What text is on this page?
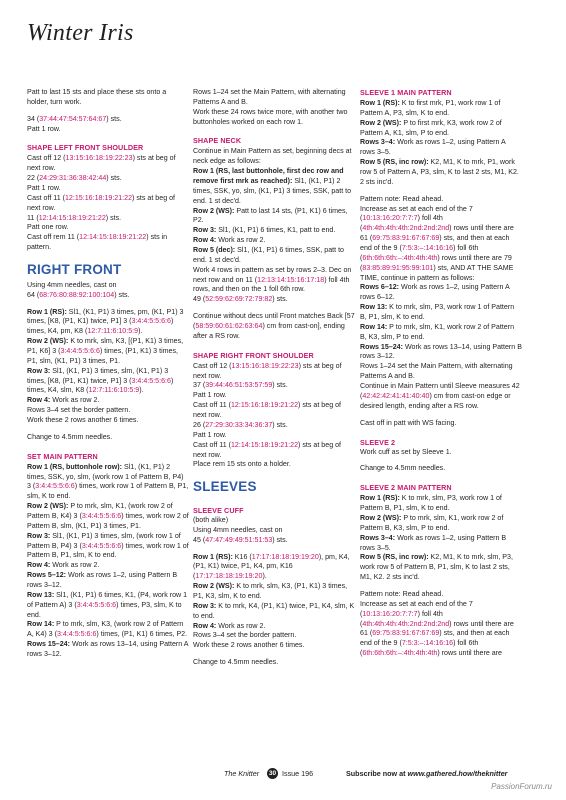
Winter Iris

Patt to last 15 sts and place these sts onto a holder, turn work.

34 (37:44:47:54:57:64:67) sts.
Patt 1 row.

SHAPE LEFT FRONT SHOULDER

Cast off 12 (13:15:16:18:19:22:23) sts at beg of next row.
22 (24:29:31:36:38:42:44) sts.
Patt 1 row.
Cast off 11 (12:15:16:18:19:21:22) sts at beg of next row.
11 (12:14:15:18:19:21:22) sts.
Patt one row.
Cast off rem 11 (12:14:15:18:19:21:22) sts in pattern.

RIGHT FRONT

Using 4mm needles, cast on
64 (68:76:80:88:92:100:104) sts.

Row 1 (RS): Sl1, (K1, P1) 3 times, pm, (K1, P1) 3 times, [K8, (P1, K1) twice, P1] 3 (3:4:4:5:5:6:6) times, K4, pm, K8 (12:7:11:6:10:5:9).
Row 2 (WS): K to mrk, slm, K3, [(P1, K1) 3 times, P1, K6] 3 (3:4:4:5:5:6:6) times, (P1, K1) 3 times, P1, slm, (K1, P1) 3 times, P1.
Row 3: Sl1, (K1, P1) 3 times, slm, (K1, P1) 3 times, [K8, (P1, K1) twice, P1] 3 (3:4:4:5:5:6:6) times, K4, slm, K8 (12:7:11:6:10:5:9).
Row 4: Work as row 2.
Rows 3–4 set the border pattern.
Work these 2 rows another 6 times.

Change to 4.5mm needles.

SET MAIN PATTERN

Row 1 (RS, buttonhole row): Sl1, (K1, P1) 2 times, SSK, yo, slm, (work row 1 of Pattern B, P4) 3 (3:4:4:5:5:6:6) times, work row 1 of Pattern B, P1, slm, K to end.
Row 2 (WS): P to mrk, slm, K1, (work row 2 of Pattern B, K4) 3 (3:4:4:5:5:6:6) times, work row 2 of Pattern B, slm, (K1, P1) 3 times, P1.
Row 3: Sl1, (K1, P1) 3 times, slm, (work row 1 of Pattern B, P4) 3 (3:4:4:5:5:6:6) times, work row 1 of Pattern B, P1, slm, K to end.
Row 4: Work as row 2.
Rows 5–12: Work as rows 1–2, using Pattern B rows 3–12.
Row 13: Sl1, (K1, P1) 6 times, K1, (P4, work row 1 of Pattern A) 3 (3:4:4:5:5:6:6) times, P3, slm, K to end.
Row 14: P to mrk, slm, K3, (work row 2 of Pattern A, K4) 3 (3:4:4:5:5:6:6) times, (P1, K1) 6 times, P2.
Rows 15–24: Work as rows 13–14, using Pattern A rows 3–12.

Rows 1–24 set the Main Pattern, with alternating Patterns A and B.
Work these 24 rows twice more, with another two buttonholes worked on each row 1.

SHAPE NECK

Continue in Main Pattern as set, beginning decs at neck edge as follows:
Row 1 (RS, last buttonhole, first dec row and remove first mrk as reached): Sl1, (K1, P1) 2 times, SSK, yo, slm, (K1, P1) 3 times, SSK, patt to end. 1 st dec'd.
Row 2 (WS): Patt to last 14 sts, (P1, K1) 6 times, P2.
Row 3: Sl1, (K1, P1) 6 times, K1, patt to end.
Row 4: Work as row 2.
Row 5 (dec): Sl1, (K1, P1) 6 times, SSK, patt to end. 1 st dec'd.
Work 4 rows in pattern as set by rows 2–3. Dec on next row and on 11 (12:13:14:15:16:17:18) foll 4th rows, and then on the 1 foll 6th row.
49 (52:59:62:69:72:79:82) sts.

Continue without decs until Front matches Back [57 (58:59:60:61:62:63:64) cm from cast-on], ending after a RS row.

SHAPE RIGHT FRONT SHOULDER

Cast off 12 (13:15:16:18:19:22:23) sts at beg of next row.
37 (39:44:46:51:53:57:59) sts.
Patt 1 row.
Cast off 11 (12:15:16:18:19:21:22) sts at beg of next row.
26 (27:29:30:33:34:36:37) sts.
Patt 1 row.
Cast off 11 (12:14:15:18:19:21:22) sts at beg of next row.
Place rem 15 sts onto a holder.

SLEEVES
SLEEVE CUFF

(both alike)
Using 4mm needles, cast on
45 (47:47:49:49:51:51:53) sts.

Row 1 (RS): K16 (17:17:18:18:19:19:20), pm, K4, (P1, K1) twice, P1, K4, pm, K16 (17:17:18:18:19:19:20).
Row 2 (WS): K to mrk, slm, K3, (P1, K1) 3 times, P1, K3, slm, K to end.
Row 3: K to mrk, K4, (P1, K1) twice, P1, K4, slm, K to end.
Row 4: Work as row 2.
Rows 3–4 set the border pattern.
Work these 2 rows another 6 times.

Change to 4.5mm needles.

SLEEVE 1 MAIN PATTERN

Row 1 (RS): K to first mrk, P1, work row 1 of Pattern A, P3, slm, K to end.
Row 2 (WS): P to first mrk, K3, work row 2 of Pattern A, K1, slm, P to end.
Rows 3–4: Work as rows 1–2, using Pattern A rows 3–5.
Row 5 (RS, inc row): K2, M1, K to mrk, P1, work row 5 of Pattern A, P3, slm, K to last 2 sts, M1, K2. 2 sts inc'd.

Pattern note: Read ahead.
Increase as set at each end of the 7 (10:13:16:20:7:7:7) foll 4th (4th:4th:4th:4th:2nd:2nd:2nd) rows until there are 61 (69:75:83:91:67:67:69) sts, and then at each end of the 9 (7:5:3:–:14:16:16) foll 6th (6th:6th:6th:–:4th:4th:4th) rows until there are 79 (83:85:89:91:95:99:101) sts, AND AT THE SAME TIME, continue in pattern as follows:
Rows 6–12: Work as rows 1–2, using Pattern A rows 6–12.
Row 13: K to mrk, slm, P3, work row 1 of Pattern B, P1, slm, K to end.
Row 14: P to mrk, slm, K1, work row 2 of Pattern B, K3, slm, P to end.
Rows 15–24: Work as rows 13–14, using Pattern B rows 3–12.
Rows 1–24 set the Main Pattern, with alternating Patterns A and B.
Continue in Main Pattern until Sleeve measures 42 (42:42:42:41:41:40:40) cm from cast-on edge or desired length, ending after a RS row.

Cast off in patt with WS facing.

SLEEVE 2

Work cuff as set by Sleeve 1.

Change to 4.5mm needles.

SLEEVE 2 MAIN PATTERN

Row 1 (RS): K to mrk, slm, P3, work row 1 of Pattern B, P1, slm, K to end.
Row 2 (WS): P to mrk, slm, K1, work row 2 of Pattern B, K3, slm, P to end.
Rows 3–4: Work as rows 1–2, using Pattern B rows 3–5.
Row 5 (RS, inc row): K2, M1, K to mrk, slm, P3, work row 5 of Pattern B, P1, slm, K to last 2 sts, M1, K2. 2 sts inc'd.

Pattern note: Read ahead.
Increase as set at each end of the 7 (10:13:16:20:7:7:7) foll 4th (4th:4th:4th:4th:2nd:2nd:2nd) rows until there are 61 (69:75:83:91:67:67:69) sts, and then at each end of the 9 (7:5:3:–:14:16:16) foll 6th (6th:6th:6th:–:4th:4th:4th) rows until there are

The Knitter 30 Issue 196	Subscribe now at www.gathered.how/theknitter
PassionForum.ru
